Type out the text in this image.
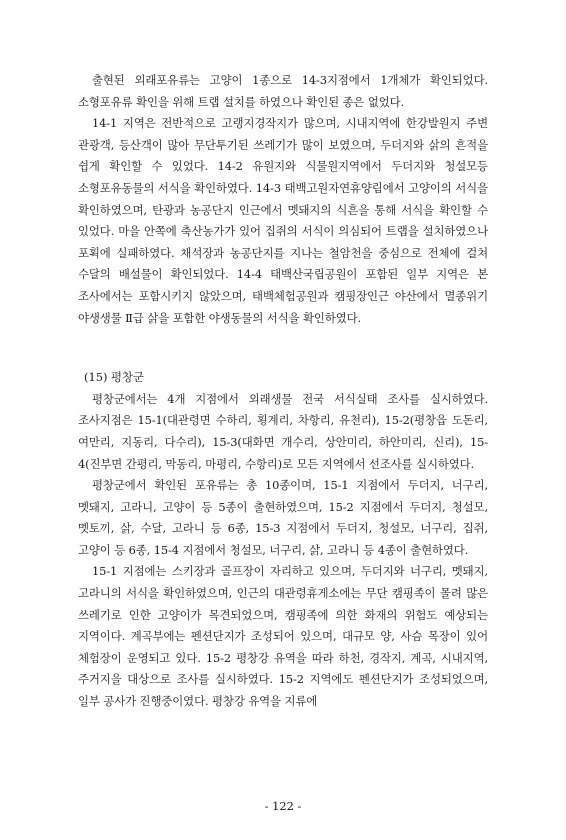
출현된 외래포유류는 고양이 1종으로 14-3지점에서 1개체가 확인되었다. 소형포유류 확인을 위해 트랩 설치를 하였으나 확인된 종은 없었다.

14-1 지역은 전반적으로 고랭지경작지가 많으며, 시내지역에 한강발원지 주변 관광객, 등산객이 많아 무단투기된 쓰레기가 많이 보였으며, 두더지와 삵의 흔적을 쉽게 확인할 수 있었다. 14-2 유원지와 식물원지역에서 두더지와 청설모등 소형포유동물의 서식을 확인하였다. 14-3 태백고원자연휴양림에서 고양이의 서식을 확인하였으며, 탄광과 농공단지 인근에서 멧돼지의 식흔을 통해 서식을 확인할 수 있었다. 마을 안쪽에 축산농가가 있어 집쥐의 서식이 의심되어 트랩을 설치하였으나 포획에 실패하였다. 채석장과 농공단지를 지나는 철암천을 중심으로 전체에 걸쳐 수달의 배설물이 확인되었다. 14-4 태백산국립공원이 포함된 일부 지역은 본 조사에서는 포함시키지 않았으며, 태백체험공원과 캠핑장인근 야산에서 멸종위기 야생생물 Ⅱ급 삵을 포함한 야생동물의 서식을 확인하였다.

(15) 평창군

평창군에서는 4개 지점에서 외래생물 전국 서식실태 조사를 실시하였다. 조사지점은 15-1(대관령면 수하리, 횡계리, 차항리, 유천리), 15-2(평창읍 도돈리, 여만리, 지동리, 다수리), 15-3(대화면 개수리, 상안미리, 하안미리, 신리), 15-4(진부면 간평리, 막동리, 마평리, 수항리)로 모든 지역에서 선조사를 실시하였다.

평창군에서 확인된 포유류는 총 10종이며, 15-1 지점에서 두더지, 너구리, 멧돼지, 고라니, 고양이 등 5종이 출현하였으며, 15-2 지점에서 두더지, 청설모, 멧토끼, 삵, 수달, 고라니 등 6종, 15-3 지점에서 두더지, 청설모, 너구리, 집쥐, 고양이 등 6종, 15-4 지점에서 청설모, 너구리, 삵, 고라니 등 4종이 출현하였다.

15-1 지점에는 스키장과 골프장이 자리하고 있으며, 두더지와 너구리, 멧돼지, 고라니의 서식을 확인하였으며, 인근의 대관령휴게소에는 무단 캠핑족이 몰려 많은 쓰레기로 인한 고양이가 목견되었으며, 캠핑족에 의한 화재의 위험도 예상되는 지역이다. 계곡부에는 펜션단지가 조성되어 있으며, 대규모 양, 사슴 목장이 있어 체험장이 운영되고 있다. 15-2 평창강 유역을 따라 하천, 경작지, 계곡, 시내지역, 주거지을 대상으로 조사를 실시하였다. 15-2 지역에도 펜션단지가 조성되었으며, 일부 공사가 진행중이였다. 평창강 유역을 지류에

- 122 -
